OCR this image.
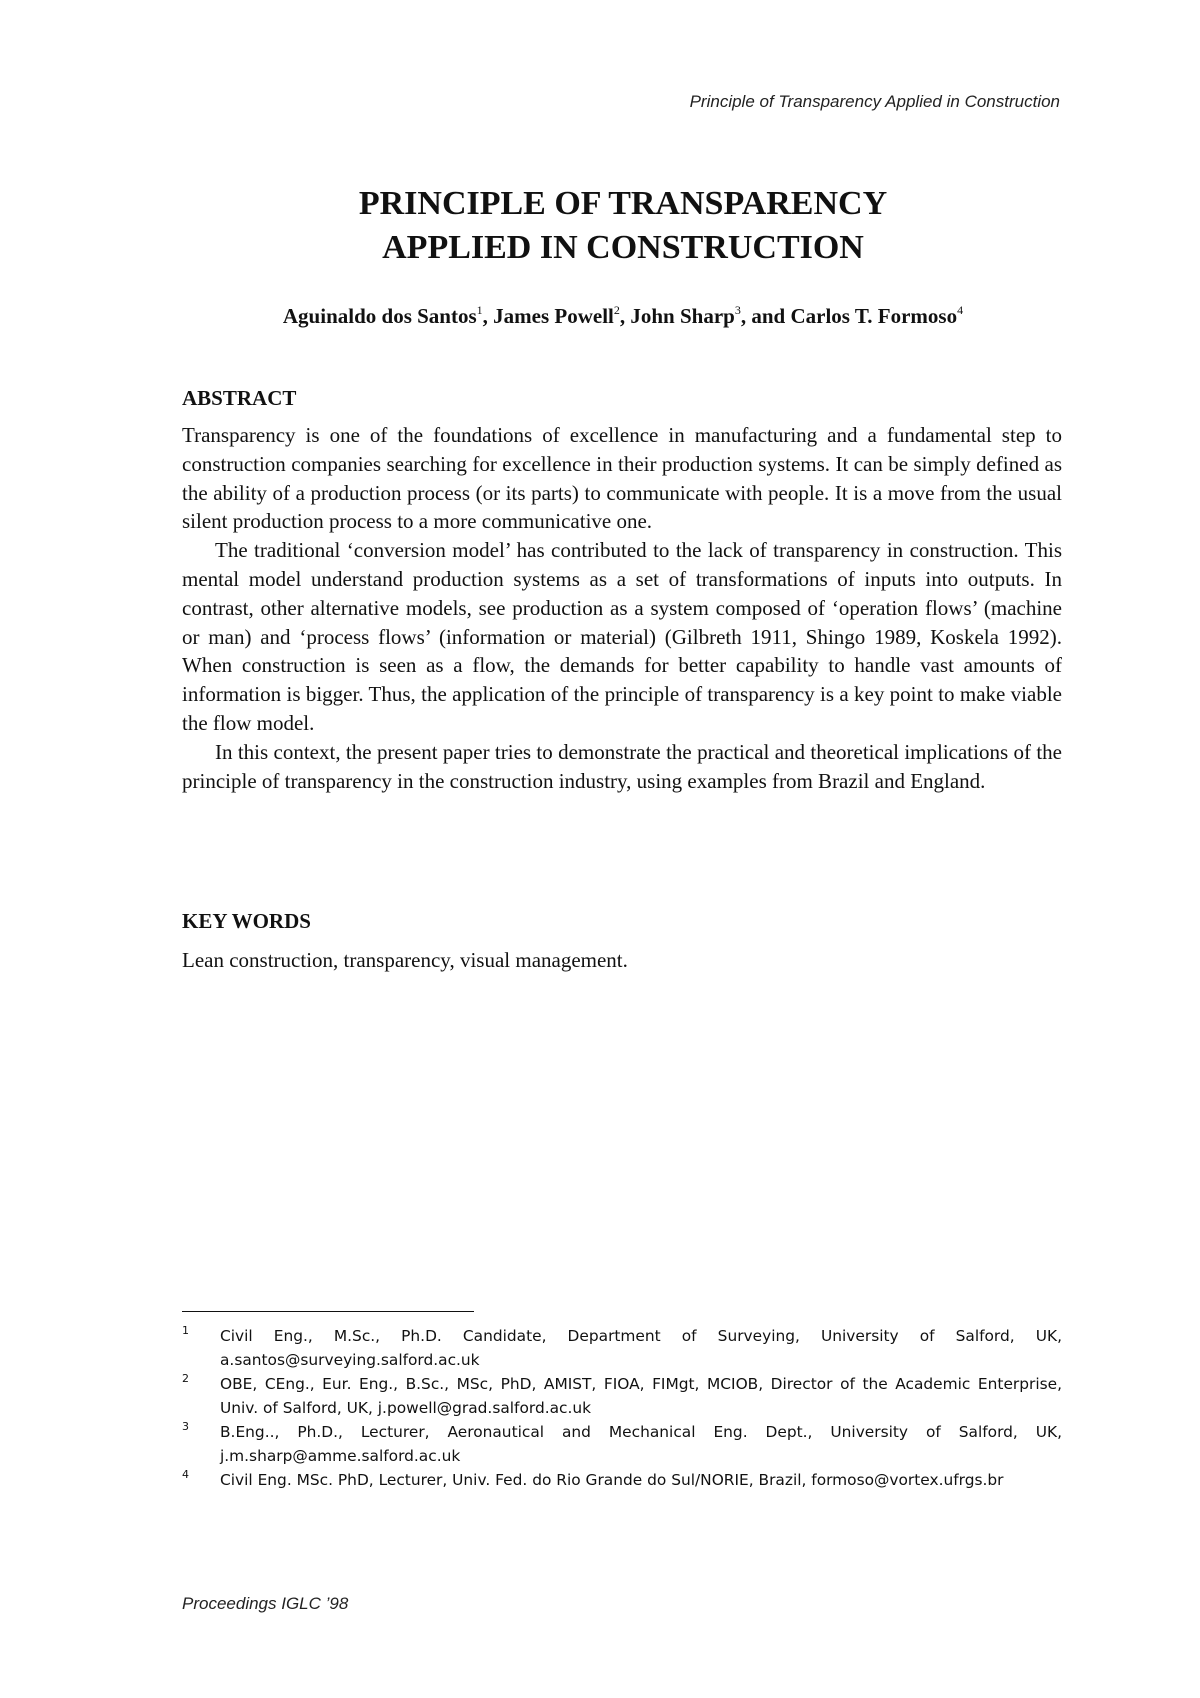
Principle of Transparency Applied in Construction
PRINCIPLE OF TRANSPARENCY
APPLIED IN CONSTRUCTION
Aguinaldo dos Santos$^1$, James Powell$^2$, John Sharp$^3$, and Carlos T. Formoso$^4$
ABSTRACT

Transparency is one of the foundations of excellence in manufacturing and a fundamental step to construction companies searching for excellence in their production systems. It can be simply defined as the ability of a production process (or its parts) to communicate with people. It is a move from the usual silent production process to a more communicative one.

The traditional ‘conversion model’ has contributed to the lack of transparency in construction. This mental model understand production systems as a set of transformations of inputs into outputs. In contrast, other alternative models, see production as a system composed of ‘operation flows’ (machine or man) and ‘process flows’ (information or material) (Gilbreth 1911, Shingo 1989, Koskela 1992). When construction is seen as a flow, the demands for better capability to handle vast amounts of information is bigger. Thus, the application of the principle of transparency is a key point to make viable the flow model.

In this context, the present paper tries to demonstrate the practical and theoretical implications of the principle of transparency in the construction industry, using examples from Brazil and England.

KEY WORDS
Lean construction, transparency, visual management.
1 Civil Eng., M.Sc., Ph.D. Candidate, Department of Surveying, University of Salford, UK, a.santos@surveying.salford.ac.uk
2 OBE, CEng., Eur. Eng., B.Sc., MSc, PhD, AMIST, FIOA, FIMgt, MCIOB, Director of the Academic Enterprise, Univ. of Salford, UK, j.powell@grad.salford.ac.uk
3 B.Eng.., Ph.D., Lecturer, Aeronautical and Mechanical Eng. Dept., University of Salford, UK, j.m.sharp@amme.salford.ac.uk
4 Civil Eng. MSc. PhD, Lecturer, Univ. Fed. do Rio Grande do Sul/NORIE, Brazil, formoso@vortex.ufrgs.br
Proceedings IGLC ’98
